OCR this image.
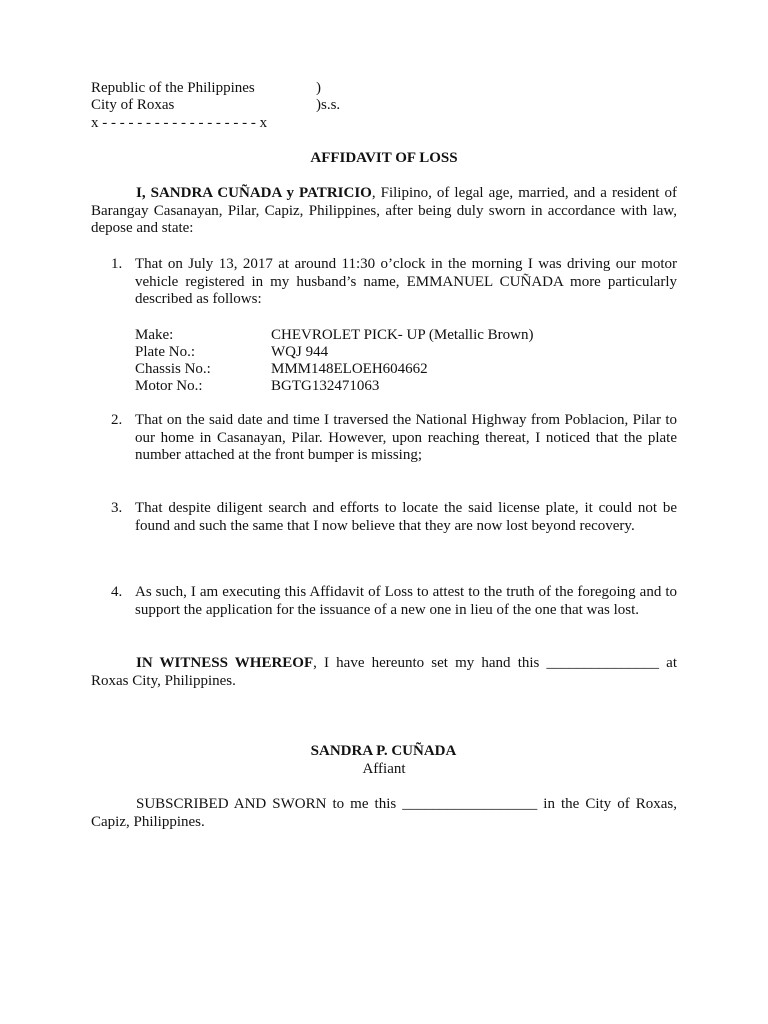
Republic of the Philippines	)
City of Roxas	)s.s.
x - - - - - - - - - - - - - - - - - - x
AFFIDAVIT OF LOSS
I, SANDRA CUÑADA y PATRICIO, Filipino, of legal age, married, and a resident of Barangay Casanayan, Pilar, Capiz, Philippines, after being duly sworn in accordance with law, depose and state:
1. That on July 13, 2017 at around 11:30 o’clock in the morning I was driving our motor vehicle registered in my husband’s name, EMMANUEL CUÑADA more particularly described as follows:
Make:	CHEVROLET PICK- UP (Metallic Brown)
Plate No.:	WQJ 944
Chassis No.:	MMM148ELOEH604662
Motor No.:	BGTG132471063
2. That on the said date and time I traversed the National Highway from Poblacion, Pilar to our home in Casanayan, Pilar. However, upon reaching thereat, I noticed that the plate number attached at the front bumper is missing;
3. That despite diligent search and efforts to locate the said license plate, it could not be found and such the same that I now believe that they are now lost beyond recovery.
4. As such, I am executing this Affidavit of Loss to attest to the truth of the foregoing and to support the application for the issuance of a new one in lieu of the one that was lost.
IN WITNESS WHEREOF, I have hereunto set my hand this _______________ at Roxas City, Philippines.
SANDRA P. CUÑADA
Affiant
SUBSCRIBED AND SWORN to me this __________________ in the City of Roxas, Capiz, Philippines.
